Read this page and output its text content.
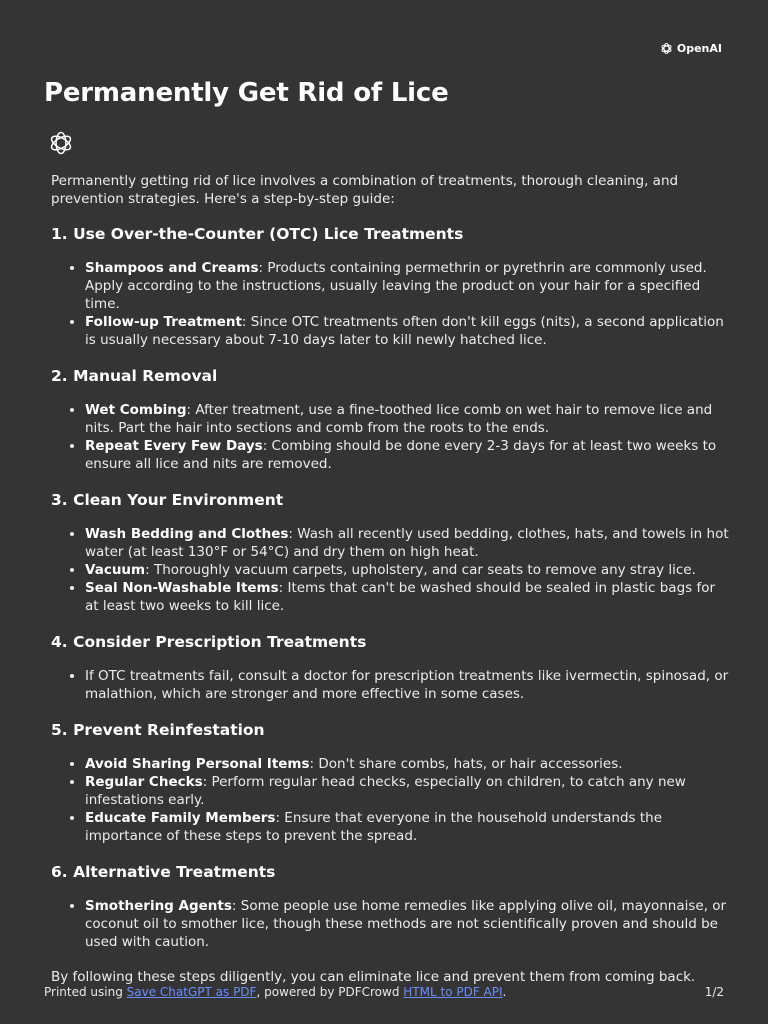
OpenAI
Permanently Get Rid of Lice

Permanently getting rid of lice involves a combination of treatments, thorough cleaning, and prevention strategies. Here's a step-by-step guide:

1. Use Over-the-Counter (OTC) Lice Treatments
• Shampoos and Creams: Products containing permethrin or pyrethrin are commonly used. Apply according to the instructions, usually leaving the product on your hair for a specified time.
• Follow-up Treatment: Since OTC treatments often don't kill eggs (nits), a second application is usually necessary about 7-10 days later to kill newly hatched lice.
2. Manual Removal
• Wet Combing: After treatment, use a fine-toothed lice comb on wet hair to remove lice and nits. Part the hair into sections and comb from the roots to the ends.
• Repeat Every Few Days: Combing should be done every 2-3 days for at least two weeks to ensure all lice and nits are removed.
3. Clean Your Environment
• Wash Bedding and Clothes: Wash all recently used bedding, clothes, hats, and towels in hot water (at least 130°F or 54°C) and dry them on high heat.
• Vacuum: Thoroughly vacuum carpets, upholstery, and car seats to remove any stray lice.
• Seal Non-Washable Items: Items that can't be washed should be sealed in plastic bags for at least two weeks to kill lice.
4. Consider Prescription Treatments
• If OTC treatments fail, consult a doctor for prescription treatments like ivermectin, spinosad, or malathion, which are stronger and more effective in some cases.
5. Prevent Reinfestation
• Avoid Sharing Personal Items: Don't share combs, hats, or hair accessories.
• Regular Checks: Perform regular head checks, especially on children, to catch any new infestations early.
• Educate Family Members: Ensure that everyone in the household understands the importance of these steps to prevent the spread.
6. Alternative Treatments
• Smothering Agents: Some people use home remedies like applying olive oil, mayonnaise, or coconut oil to smother lice, though these methods are not scientifically proven and should be used with caution.

By following these steps diligently, you can eliminate lice and prevent them from coming back.

Printed using Save ChatGPT as PDF, powered by PDFCrowd HTML to PDF API.	1/2
